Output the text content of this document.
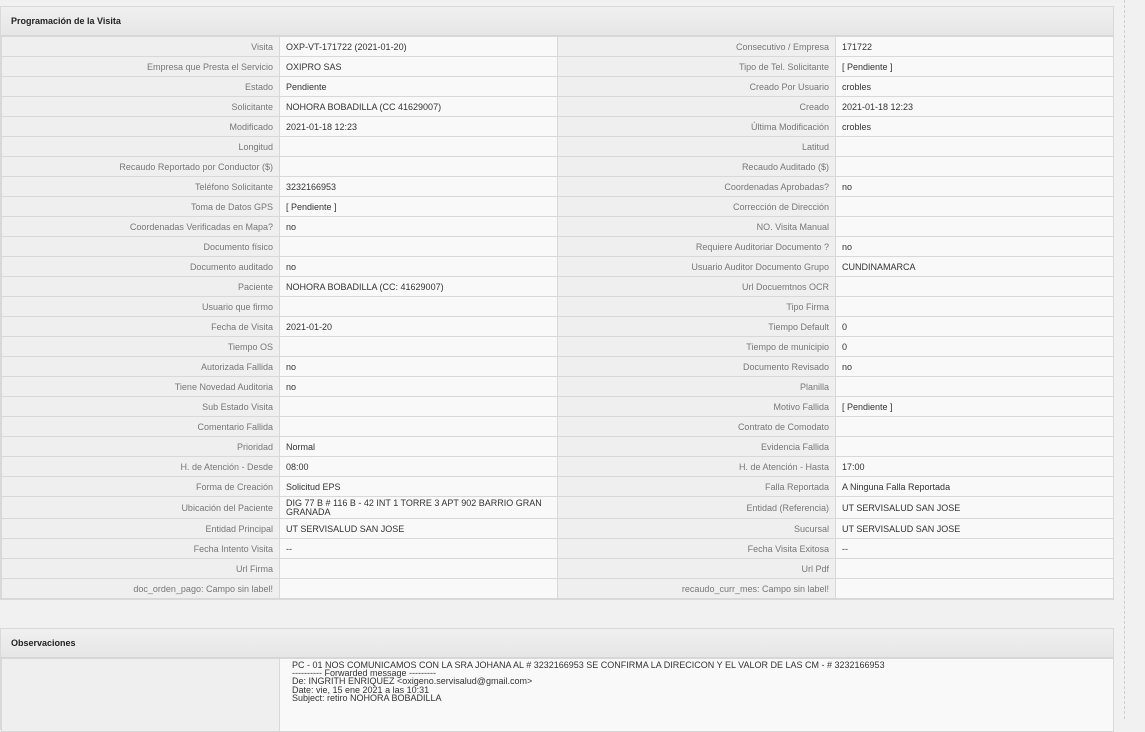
Programación de la Visita
Visita	OXP-VT-171722 (2021-01-20)	Consecutivo / Empresa	171722
Empresa que Presta el Servicio	OXIPRO SAS	Tipo de Tel. Solicitante	[ Pendiente ]
Estado	Pendiente	Creado Por Usuario	crobles
Solicitante	NOHORA BOBADILLA (CC 41629007)	Creado	2021-01-18 12:23
Modificado	2021-01-18 12:23	Última Modificación	crobles
Longitud		Latitud	
Recaudo Reportado por Conductor ($)		Recaudo Auditado ($)	
Teléfono Solicitante	3232166953	Coordenadas Aprobadas?	no
Toma de Datos GPS	[ Pendiente ]	Corrección de Dirección	
Coordenadas Verificadas en Mapa?	no	NO. Visita Manual	
Documento físico		Requiere Auditoriar Documento ?	no
Documento auditado	no	Usuario Auditor Documento Grupo	CUNDINAMARCA
Paciente	NOHORA BOBADILLA (CC: 41629007)	Url Docuemtnos OCR	
Usuario que firmo		Tipo Firma	
Fecha de Visita	2021-01-20	Tiempo Default	0
Tiempo OS		Tiempo de municipio	0
Autorizada Fallida	no	Documento Revisado	no
Tiene Novedad Auditoria	no	Planilla	
Sub Estado Visita		Motivo Fallida	[ Pendiente ]
Comentario Fallida		Contrato de Comodato	
Prioridad	Normal	Evidencia Fallida	
H. de Atención - Desde	08:00	H. de Atención - Hasta	17:00
Forma de Creación	Solicitud EPS	Falla Reportada	A Ninguna Falla Reportada
Ubicación del Paciente	DIG 77 B # 116 B - 42 INT 1 TORRE 3 APT 902 BARRIO GRAN GRANADA	Entidad (Referencia)	UT SERVISALUD SAN JOSE
Entidad Principal	UT SERVISALUD SAN JOSE	Sucursal	UT SERVISALUD SAN JOSE
Fecha Intento Visita	--	Fecha Visita Exitosa	--
Url Firma		Url Pdf	
doc_orden_pago: Campo sin label!		recaudo_curr_mes: Campo sin label!	
Observaciones
	PC - 01 NOS COMUNICAMOS CON LA SRA JOHANA AL # 3232166953 SE CONFIRMA LA DIRECICON Y EL VALOR DE LAS CM - # 3232166953
---------- Forwarded message ---------
De: INGRITH ENRIQUEZ <oxigeno.servisalud@gmail.com>
Date: vie, 15 ene 2021 a las 10:31
Subject: retiro NOHORA BOBADILLA
